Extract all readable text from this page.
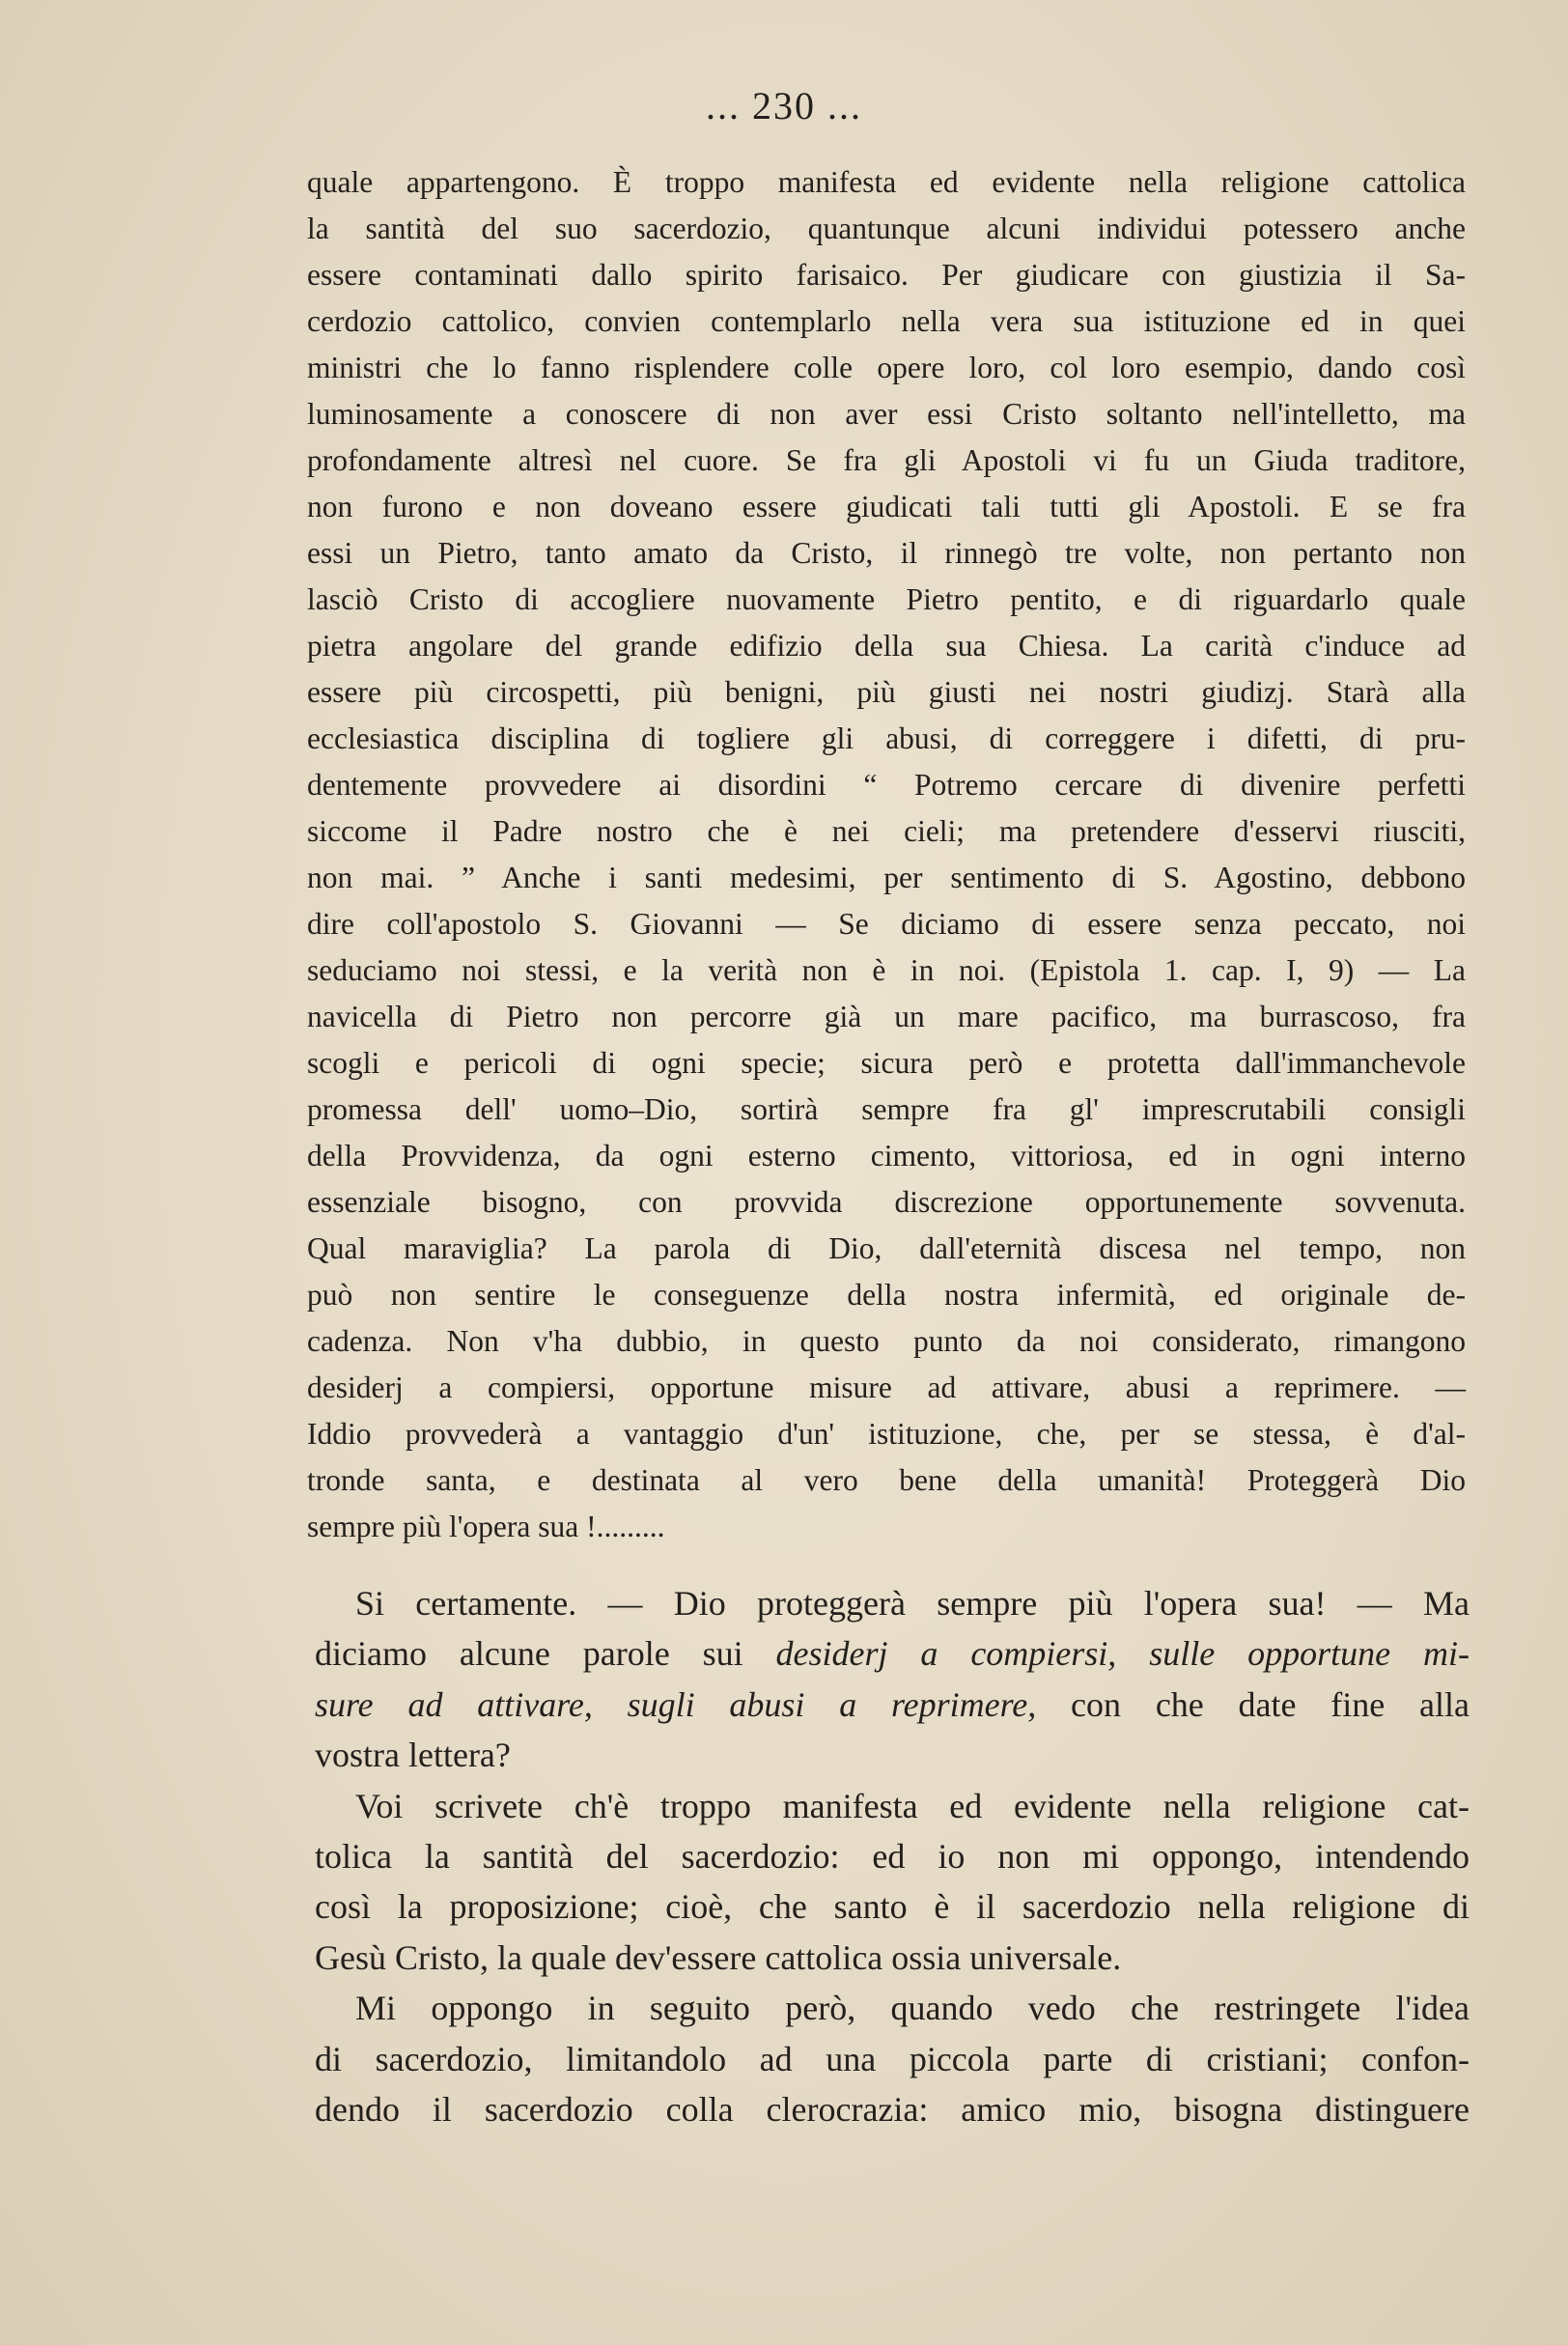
... 230 ...
quale appartengono. È troppo manifesta ed evidente nella religione cattolica
la santità del suo sacerdozio, quantunque alcuni individui potessero anche
essere contaminati dallo spirito farisaico. Per giudicare con giustizia il Sa-
cerdozio cattolico, convien contemplarlo nella vera sua istituzione ed in quei
ministri che lo fanno risplendere colle opere loro, col loro esempio, dando così
luminosamente a conoscere di non aver essi Cristo soltanto nell'intelletto, ma
profondamente altresì nel cuore. Se fra gli Apostoli vi fu un Giuda traditore,
non furono e non doveano essere giudicati tali tutti gli Apostoli. E se fra
essi un Pietro, tanto amato da Cristo, il rinnegò tre volte, non pertanto non
lasciò Cristo di accogliere nuovamente Pietro pentito, e di riguardarlo quale
pietra angolare del grande edifizio della sua Chiesa. La carità c'induce ad
essere più circospetti, più benigni, più giusti nei nostri giudizj. Starà alla
ecclesiastica disciplina di togliere gli abusi, di correggere i difetti, di pru-
dentemente provvedere ai disordini “ Potremo cercare di divenire perfetti
siccome il Padre nostro che è nei cieli; ma pretendere d'esservi riusciti,
non mai. ” Anche i santi medesimi, per sentimento di S. Agostino, debbono
dire coll'apostolo S. Giovanni — Se diciamo di essere senza peccato, noi
seduciamo noi stessi, e la verità non è in noi. (Epistola 1. cap. I, 9) — La
navicella di Pietro non percorre già un mare pacifico, ma burrascoso, fra
scogli e pericoli di ogni specie; sicura però e protetta dall'immanchevole
promessa dell' uomo–Dio, sortirà sempre fra gl' imprescrutabili consigli
della Provvidenza, da ogni esterno cimento, vittoriosa, ed in ogni interno
essenziale bisogno, con provvida discrezione opportunemente sovvenuta.
Qual maraviglia? La parola di Dio, dall'eternità discesa nel tempo, non
può non sentire le conseguenze della nostra infermità, ed originale de-
cadenza. Non v'ha dubbio, in questo punto da noi considerato, rimangono
desiderj a compiersi, opportune misure ad attivare, abusi a reprimere. —
Iddio provvederà a vantaggio d'un' istituzione, che, per se stessa, è d'al-
tronde santa, e destinata al vero bene della umanità! Proteggerà Dio
sempre più l'opera sua !.........
Si certamente. — Dio proteggerà sempre più l'opera sua! — Ma
diciamo alcune parole sui desiderj a compiersi, sulle opportune mi-
sure ad attivare, sugli abusi a reprimere, con che date fine alla
vostra lettera?
Voi scrivete ch'è troppo manifesta ed evidente nella religione cat-
tolica la santità del sacerdozio: ed io non mi oppongo, intendendo
così la proposizione; cioè, che santo è il sacerdozio nella religione di
Gesù Cristo, la quale dev'essere cattolica ossia universale.
Mi oppongo in seguito però, quando vedo che restringete l'idea
di sacerdozio, limitandolo ad una piccola parte di cristiani; confon-
dendo il sacerdozio colla clerocrazia: amico mio, bisogna distinguere
